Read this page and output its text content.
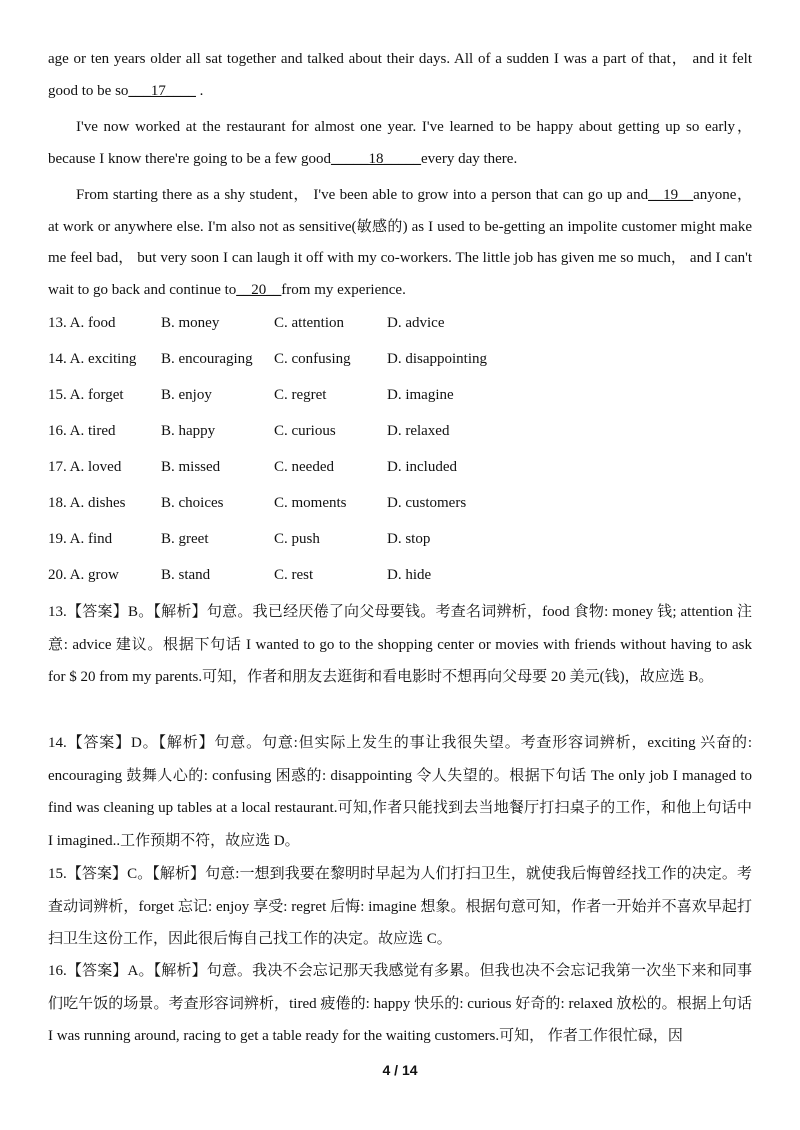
age or ten years older all sat together and talked about their days. All of a sudden I was a part of that， and it felt good to be so___17____ .

I've now worked at the restaurant for almost one year. I've learned to be happy about getting up so early，because I know there're going to be a few good_____18_____every day there.

From starting there as a shy student， I've been able to grow into a person that can go up and__19__anyone， at work or anywhere else. I'm also not as sensitive(敏感的) as I used to be-getting an impolite customer might make me feel bad， but very soon I can laugh it off with my co-workers. The little job has given me so much， and I can't wait to go back and continue to__20__from my experience.

13. A. food	B. money	C. attention	D. advice
14. A. exciting B. encouraging C. confusing D. disappointing
15. A. forget B. enjoy	C. regret	D. imagine
16. A. tired	B. happy	C. curious	D. relaxed
17. A. loved	B. missed	C. needed	D. included
18. A. dishes B. choices	C. moments	D. customers
19. A. find	B. greet	C. push	D. stop
20. A. grow	B. stand	C. rest	D. hide

13.【答案】B。【解析】句意。我已经厌倦了向父母要钱。考查名词辨析，food 食物: money 钱; attention 注意: advice 建议。根据下句话 I wanted to go to the shopping center or movies with friends without having to ask for $ 20 from my parents.可知，作者和朋友去逛街和看电影时不想再向父母要 20 美元(钱)，故应选 B。

14.【答案】D。【解析】句意。句意:但实际上发生的事让我很失望。考查形容词辨析，exciting 兴奋的: encouraging 鼓舞人心的: confusing 困惑的: disappointing 令人失望的。根据下句话 The only job I managed to find was cleaning up tables at a local restaurant.可知,作者只能找到去当地餐厅打扫桌子的工作，和他上句话中 I imagined..工作预期不符，故应选 D。

15.【答案】C。【解析】句意:一想到我要在黎明时早起为人们打扫卫生，就使我后悔曾经找工作的决定。考查动词辨析，forget 忘记: enjoy 享受: regret 后悔: imagine 想象。根据句意可知，作者一开始并不喜欢早起打扫卫生这份工作，因此很后悔自己找工作的决定。故应选 C。

16.【答案】A。【解析】句意。我决不会忘记那天我感觉有多累。但我也决不会忘记我第一次坐下来和同事们吃午饭的场景。考查形容词辨析，tired 疲倦的: happy 快乐的: curious 好奇的: relaxed 放松的。根据上句话 I was running around, racing to get a table ready for the waiting customers.可知， 作者工作很忙碌，因

4 / 14
